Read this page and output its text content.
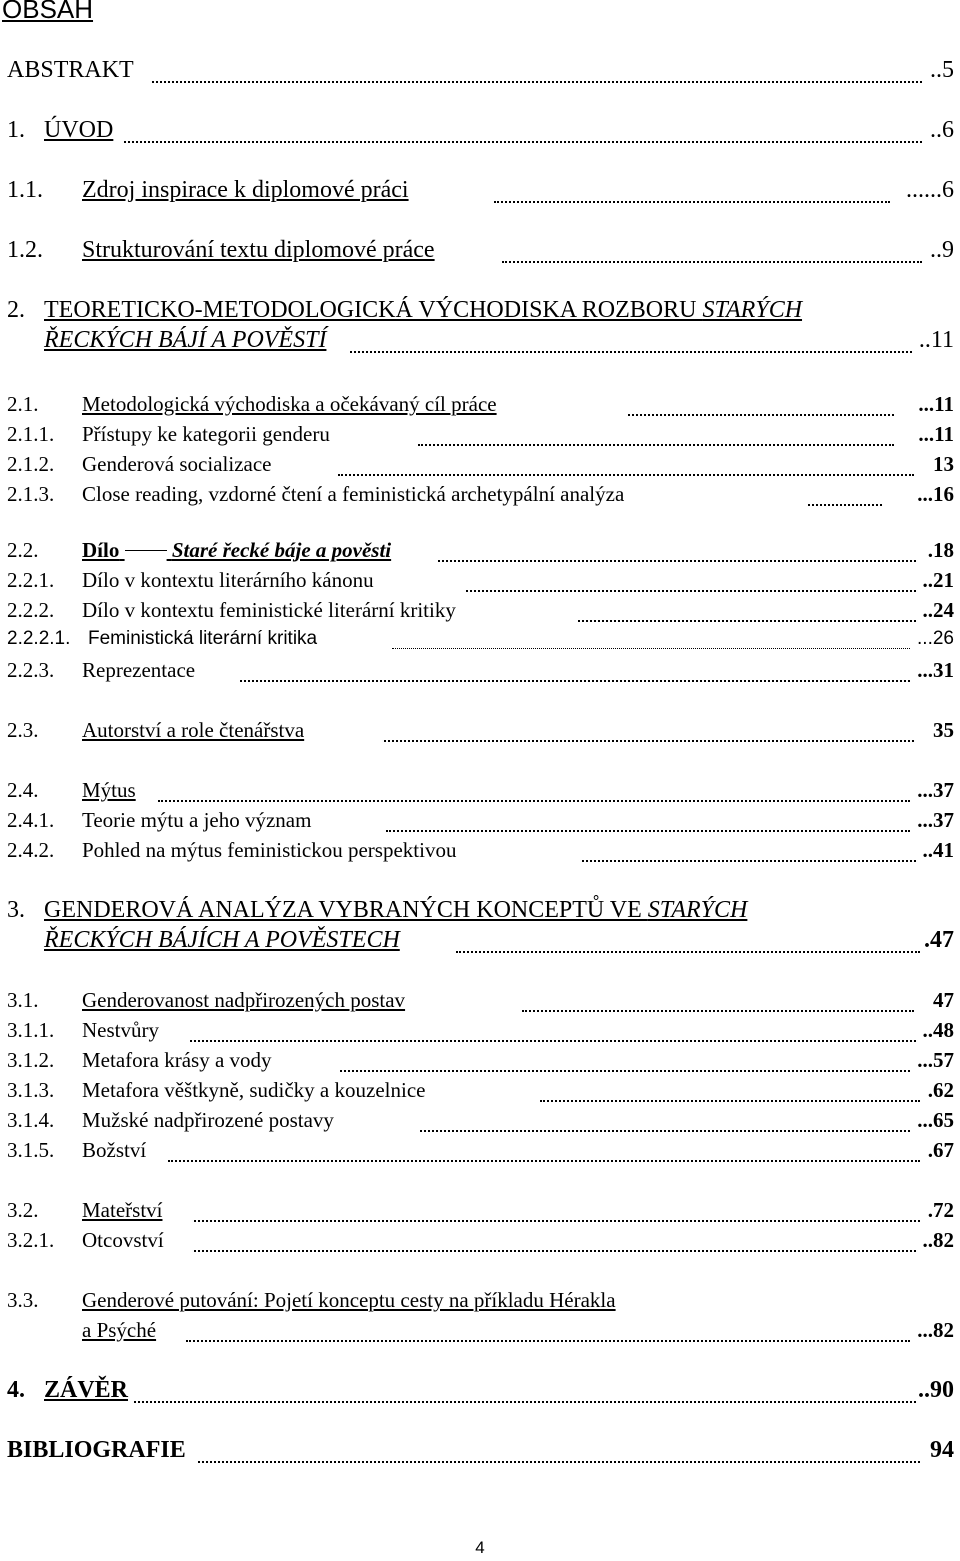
OBSAH
ABSTRAKT	..5
1. ÚVOD	..6
1.1. Zdroj inspirace k diplomové práci	......6
1.2. Strukturování textu diplomové práce	..9
2. TEORETICKO-METODOLOGICKÁ VÝCHODISKA ROZBORU STARÝCH
ŘECKÝCH BÁJÍ A POVĚSTÍ	..11
2.1. Metodologická východiska a očekávaný cíl práce	...11
2.1.1. Přístupy ke kategorii genderu	...11
2.1.2. Genderová socializace	13
2.1.3. Close reading, vzdorné čtení a feministická archetypální analýza	...16
2.2. Dílo	Staré řecké báje a pověsti	.18
2.2.1. Dílo v kontextu literárního kánonu	..21
2.2.2. Dílo v kontextu feministické literární kritiky	..24
2.2.2.1. Feministická literární kritika	...26
2.2.3. Reprezentace	...31
2.3. Autorství a role čtenářstva	35
2.4. Mýtus	...37
2.4.1. Teorie mýtu a jeho význam	...37
2.4.2. Pohled na mýtus feministickou perspektivou	..41
3. GENDEROVÁ ANALÝZA VYBRANÝCH KONCEPTŮ VE STARÝCH
ŘECKÝCH BÁJÍCH A POVĚSTECH	.47
3.1. Genderovanost nadpřirozených postav	47
3.1.1. Nestvůry	..48
3.1.2. Metafora krásy a vody	...57
3.1.3. Metafora věštkyně, sudičky a kouzelnice	.62
3.1.4. Mužské nadpřirozené postavy	...65
3.1.5. Božství	.67
3.2. Mateřství	.72
3.2.1. Otcovství	..82
3.3. Genderové putování: Pojetí konceptu cesty na příkladu Hérakla
a Psýché	...82
4. ZÁVĚR	..90
BIBLIOGRAFIE	94
4
